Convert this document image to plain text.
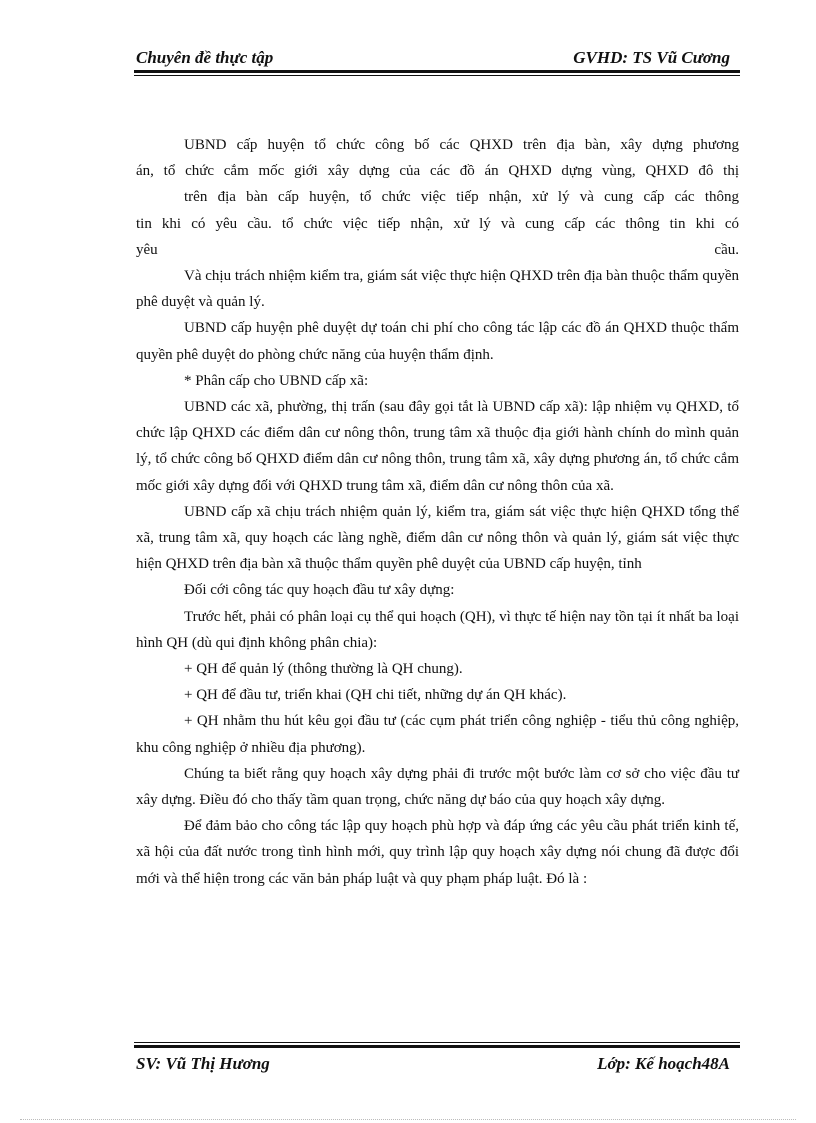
Chuyên đề thực tập	GVHD: TS Vũ Cương
UBND cấp huyện tổ chức công bố các QHXD trên địa bàn, xây dựng phương
án, tổ chức cắm mốc giới xây dựng của các đồ án QHXD dựng vùng, QHXD đô thị
trên địa bàn cấp huyện, tổ chức việc tiếp nhận, xử lý và cung cấp các thông
tin khi có yêu cầu. tổ chức việc tiếp nhận, xử lý và cung cấp các thông tin khi có
yêu	cầu.

Và chịu trách nhiệm kiểm tra, giám sát việc thực hiện QHXD trên địa bàn thuộc thẩm quyền phê duyệt và quản lý.

UBND cấp huyện phê duyệt dự toán chi phí cho công tác lập các đồ án QHXD thuộc thẩm quyền phê duyệt do phòng chức năng của huyện thẩm định.

* Phân cấp cho UBND cấp xã:

UBND các xã, phường, thị trấn (sau đây gọi tắt là UBND cấp xã): lập nhiệm vụ QHXD, tổ chức lập QHXD các điểm dân cư nông thôn, trung tâm xã thuộc địa giới hành chính do mình quản lý, tổ chức công bố QHXD điểm dân cư nông thôn, trung tâm xã, xây dựng phương án, tổ chức cắm mốc giới xây dựng đối với QHXD trung tâm xã, điểm dân cư nông thôn của xã.

UBND cấp xã chịu trách nhiệm quản lý, kiểm tra, giám sát việc thực hiện QHXD tổng thể xã, trung tâm xã, quy hoạch các làng nghề, điểm dân cư nông thôn và quản lý, giám sát việc thực hiện QHXD trên địa bàn xã thuộc thẩm quyền phê duyệt của UBND cấp huyện, tỉnh

Đối cới công tác quy hoạch đầu tư xây dựng:

Trước hết, phải có phân loại cụ thể qui hoạch (QH), vì thực tế hiện nay tồn tại ít nhất ba loại hình QH (dù qui định không phân chia):

+ QH để quản lý (thông thường là QH chung).

+ QH để đầu tư, triển khai (QH chi tiết, những dự án QH khác).

+ QH nhằm thu hút kêu gọi đầu tư (các cụm phát triển công nghiệp - tiểu thủ công nghiệp, khu công nghiệp ở nhiều địa phương).

Chúng ta biết rằng quy hoạch xây dựng phải đi trước một bước làm cơ sở cho việc đầu tư xây dựng. Điều đó cho thấy tầm quan trọng, chức năng dự báo của quy hoạch xây dựng.

Để đảm bảo cho công tác lập quy hoạch phù hợp và đáp ứng các yêu cầu phát triển kinh tế, xã hội của đất nước trong tình hình mới, quy trình lập quy hoạch xây dựng nói chung đã được đổi mới và thể hiện trong các văn bản pháp luật và quy phạm pháp luật. Đó là :

SV: Vũ Thị Hương	Lớp: Kế hoạch48A
